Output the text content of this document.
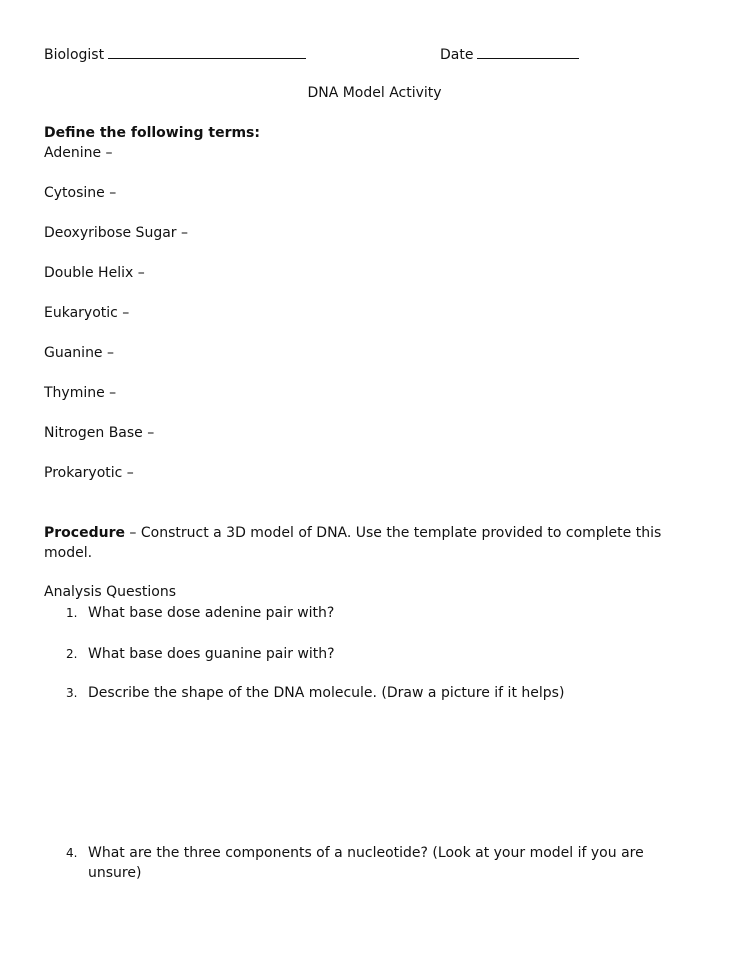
Biologist	Date
DNA Model Activity
Define the following terms:
Adenine –
Cytosine –
Deoxyribose Sugar –
Double Helix –
Eukaryotic –
Guanine –
Thymine –
Nitrogen Base –
Prokaryotic –
Procedure – Construct a 3D model of DNA. Use the template provided to complete this model.
Analysis Questions
1. What base dose adenine pair with?
2. What base does guanine pair with?
3. Describe the shape of the DNA molecule. (Draw a picture if it helps)
4. What are the three components of a nucleotide? (Look at your model if you are unsure)
